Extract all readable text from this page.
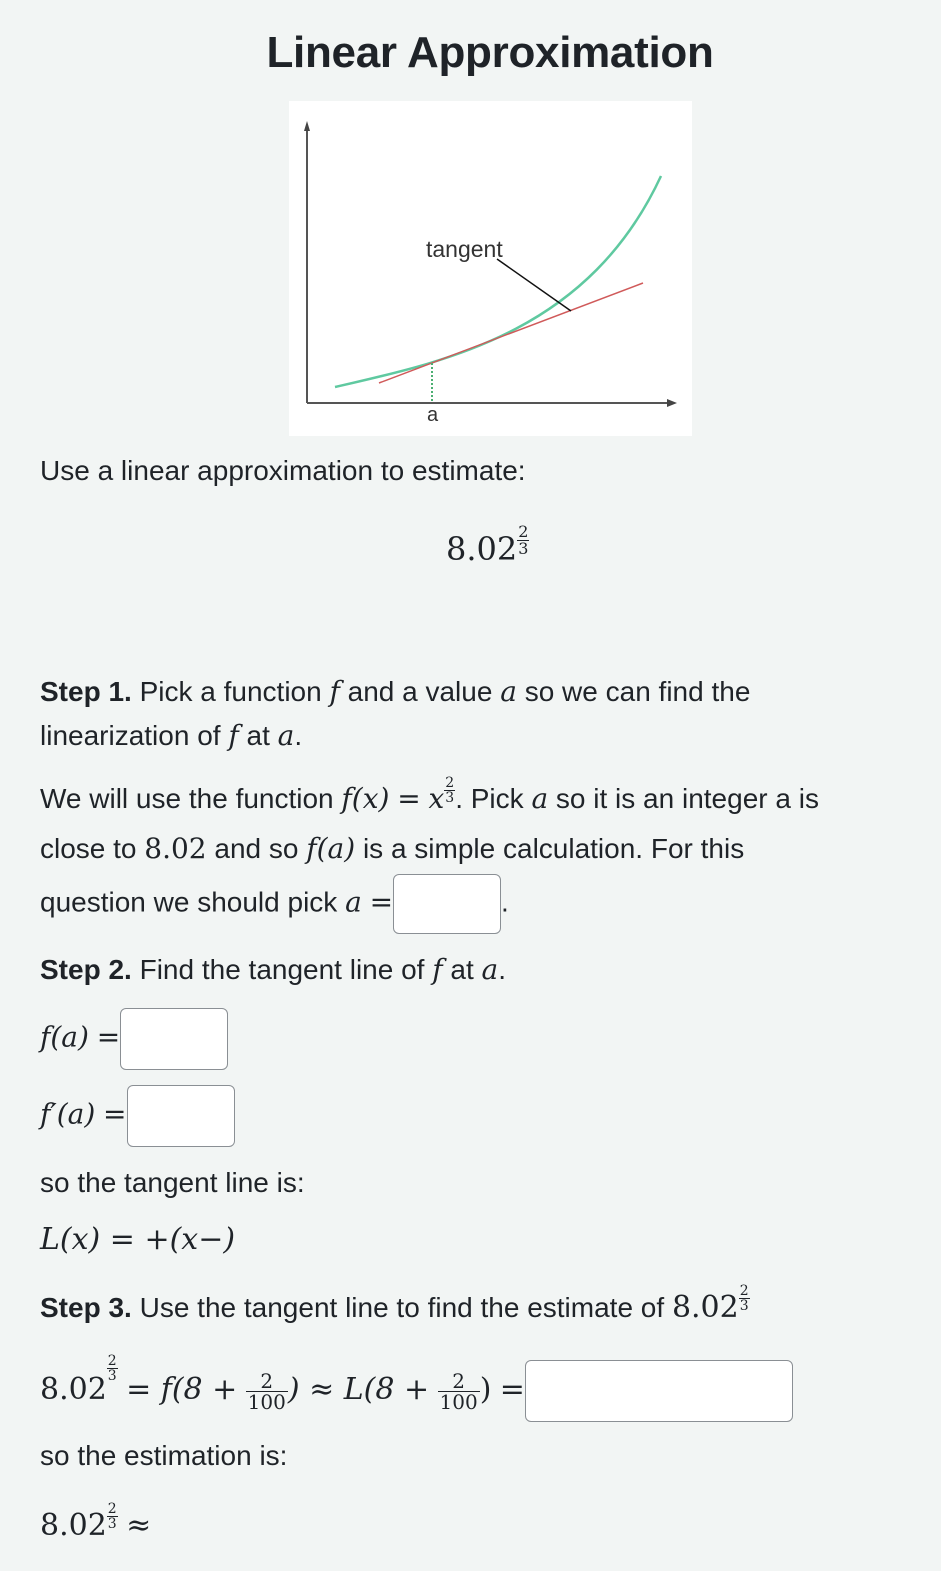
Linear Approximation
tangent
a
Use a linear approximation to estimate:
$8.02 \frac{2}{3}$
Step 1. Pick a function f and a value a so we can find the
linearization of f at a.
We will use the function f(x) = x $\frac{2}{3}$ . Pick a so it is an integer a is
close to 8.02 and so f(a) is a simple calculation. For this
question we should pick a =	.
Step 2. Find the tangent line of f at a.
f(a) =
f′(a) =
so the tangent line is:
L(x) = +(x−)
Step 3. Use the tangent line to find the estimate of $8.02 \frac{2}{3}$
8.02
$\frac{2}{3}$
= $f(8 + \frac{2}{100}$ ) ≈ $L(8 + \frac{2}{100}$ ) =
so the estimation is:
$8.02 \frac{2}{3}$ ≈
